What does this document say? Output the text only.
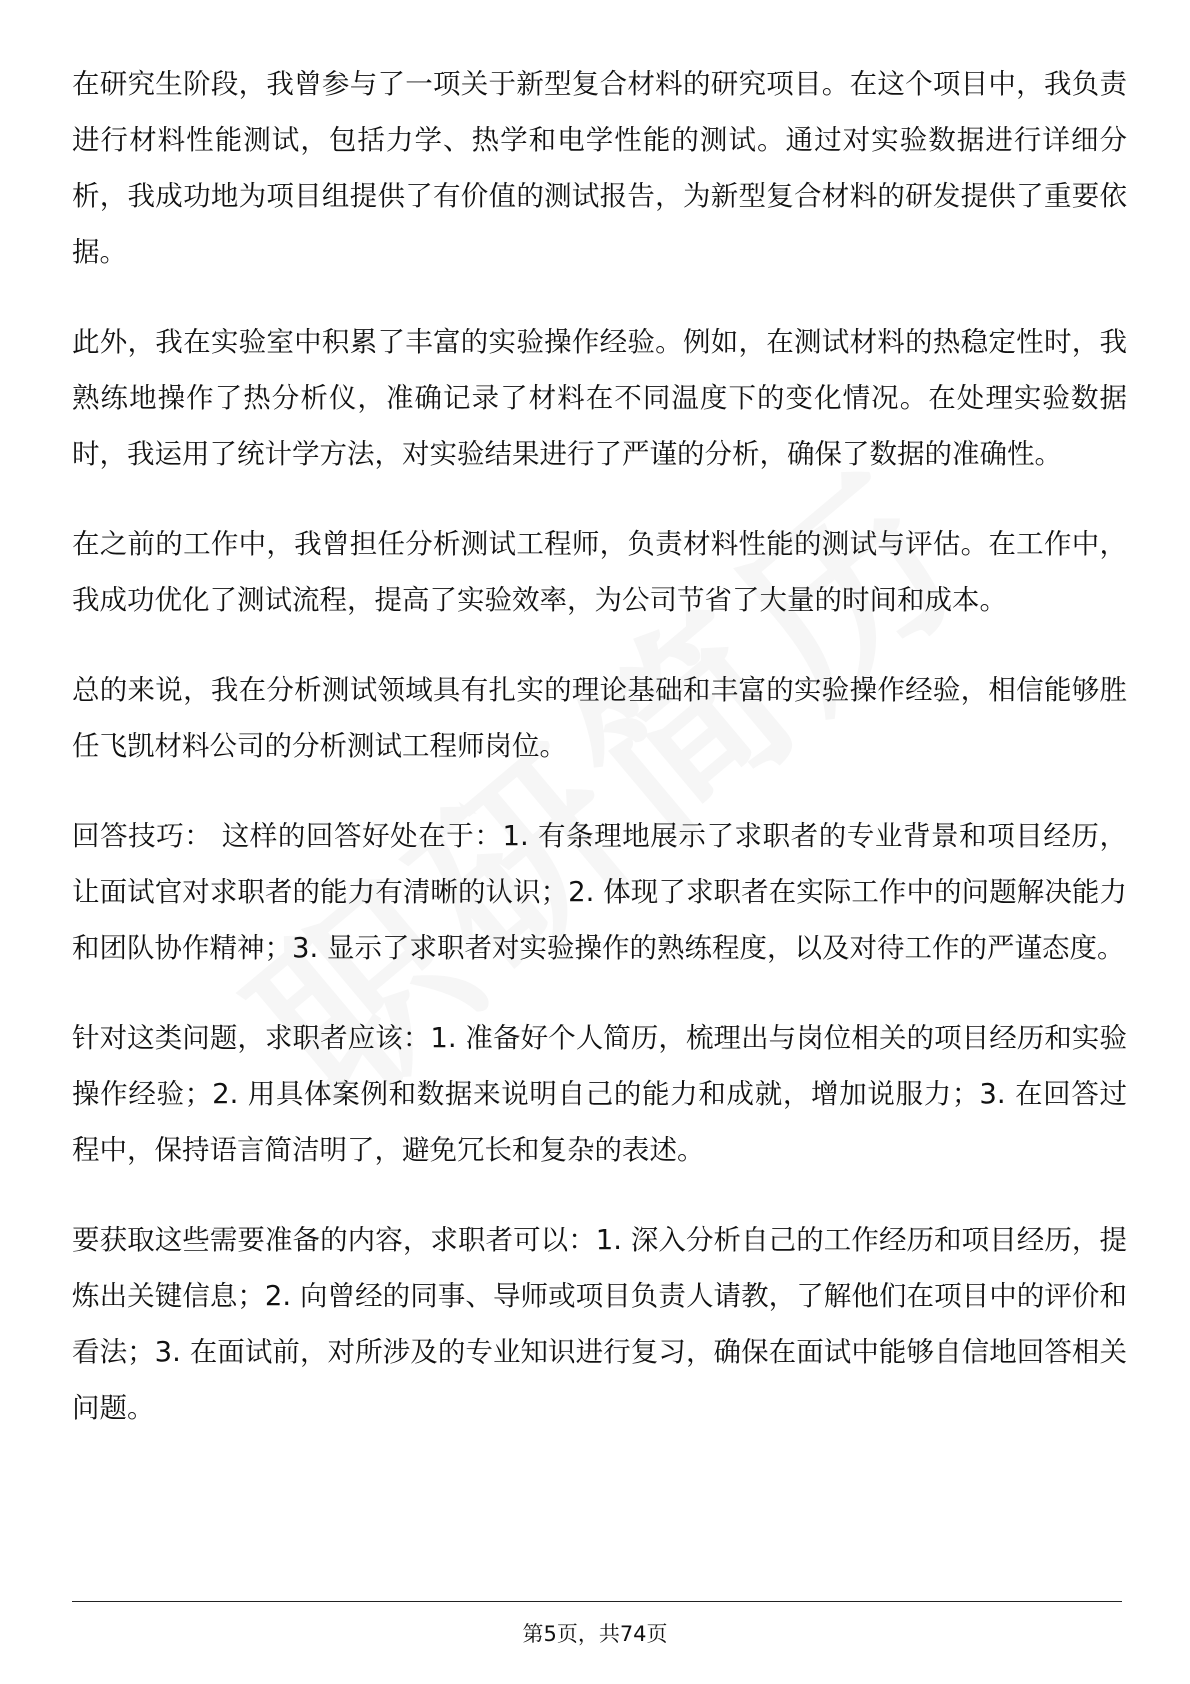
在研究生阶段，我曾参与了一项关于新型复合材料的研究项目。在这个项目中，我负责进行材料性能测试，包括力学、热学和电学性能的测试。通过对实验数据进行详细分析，我成功地为项目组提供了有价值的测试报告，为新型复合材料的研发提供了重要依据。

此外，我在实验室中积累了丰富的实验操作经验。例如，在测试材料的热稳定性时，我熟练地操作了热分析仪，准确记录了材料在不同温度下的变化情况。在处理实验数据时，我运用了统计学方法，对实验结果进行了严谨的分析，确保了数据的准确性。

在之前的工作中，我曾担任分析测试工程师，负责材料性能的测试与评估。在工作中，我成功优化了测试流程，提高了实验效率，为公司节省了大量的时间和成本。

总的来说，我在分析测试领域具有扎实的理论基础和丰富的实验操作经验，相信能够胜任飞凯材料公司的分析测试工程师岗位。

回答技巧： 这样的回答好处在于：1. 有条理地展示了求职者的专业背景和项目经历，让面试官对求职者的能力有清晰的认识；2. 体现了求职者在实际工作中的问题解决能力和团队协作精神；3. 显示了求职者对实验操作的熟练程度，以及对待工作的严谨态度。

针对这类问题，求职者应该：1. 准备好个人简历，梳理出与岗位相关的项目经历和实验操作经验；2. 用具体案例和数据来说明自己的能力和成就，增加说服力；3. 在回答过程中，保持语言简洁明了，避免冗长和复杂的表述。

要获取这些需要准备的内容，求职者可以：1. 深入分析自己的工作经历和项目经历，提炼出关键信息；2. 向曾经的同事、导师或项目负责人请教，了解他们在项目中的评价和看法；3. 在面试前，对所涉及的专业知识进行复习，确保在面试中能够自信地回答相关问题。

第5页，共74页
